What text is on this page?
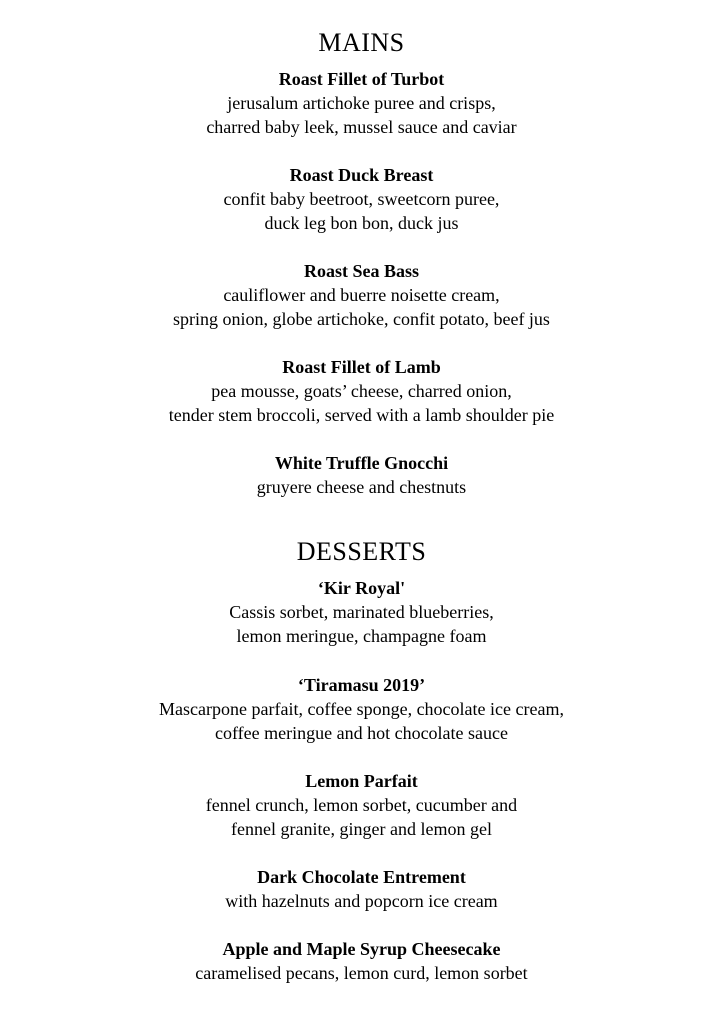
MAINS
Roast Fillet of Turbot
jerusalum artichoke puree and crisps,
charred baby leek, mussel sauce and caviar
Roast Duck Breast
confit baby beetroot, sweetcorn puree,
duck leg bon bon, duck jus
Roast Sea Bass
cauliflower and buerre noisette cream,
spring onion, globe artichoke, confit potato, beef jus
Roast Fillet of Lamb
pea mousse, goats’ cheese, charred onion,
tender stem broccoli, served with a lamb shoulder pie
White Truffle Gnocchi
gruyere cheese and chestnuts
DESSERTS
‘Kir Royal'
Cassis sorbet, marinated blueberries,
lemon meringue, champagne foam
‘Tiramasu 2019’
Mascarpone parfait, coffee sponge, chocolate ice cream,
coffee meringue and hot chocolate sauce
Lemon Parfait
fennel crunch, lemon sorbet, cucumber and
fennel granite, ginger and lemon gel
Dark Chocolate Entrement
with hazelnuts and popcorn ice cream
Apple and Maple Syrup Cheesecake
caramelised pecans, lemon curd, lemon sorbet
